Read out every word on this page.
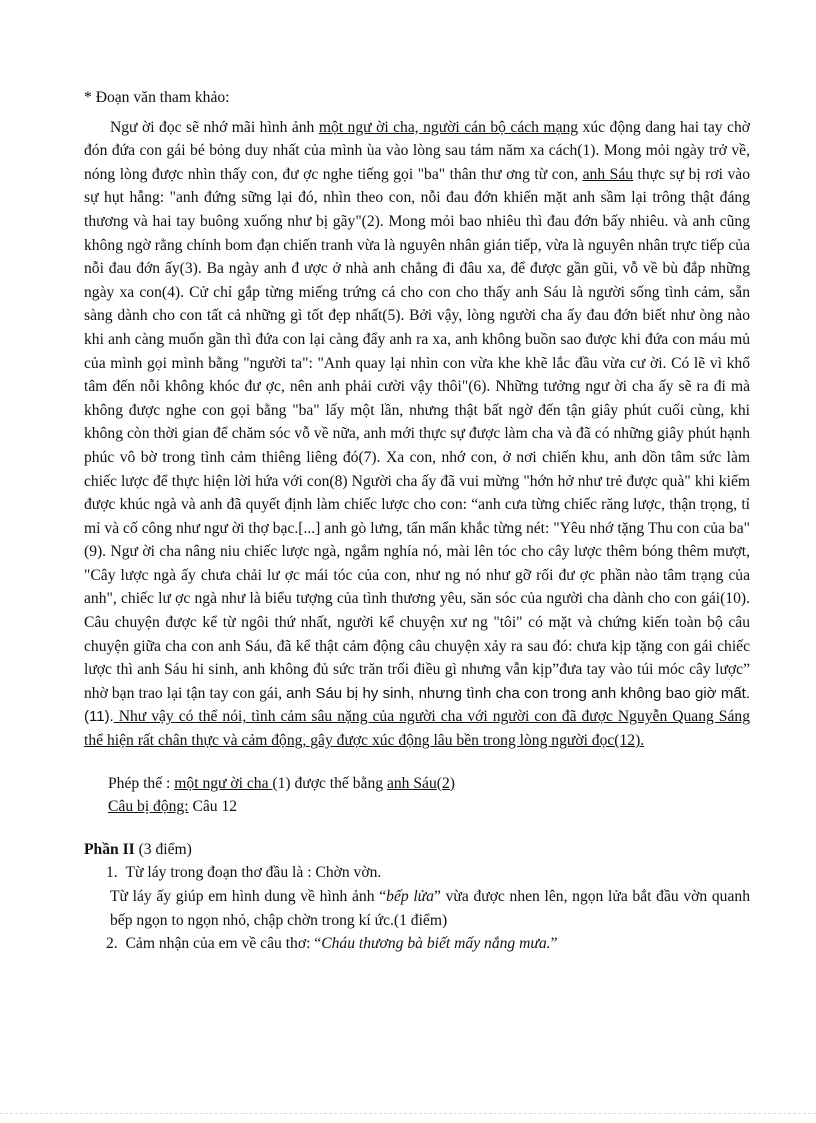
* Đoạn văn tham khảo:

Ngư ời đọc sẽ nhớ mãi hình ảnh một ngư ời cha, người cán bộ cách mạng xúc động dang hai tay chờ đón đứa con gái bé bỏng duy nhất của mình ùa vào lòng sau tám năm xa cách(1). Mong mỏi ngày trở về, nóng lòng được nhìn thấy con, đư ợc nghe tiếng gọi "ba" thân thư ơng từ con, anh Sáu thực sự bị rơi vào sự hụt hẫng: "anh đứng sững lại đó, nhìn theo con, nỗi đau đớn khiến mặt anh sầm lại trông thật đáng thương và hai tay buông xuống như bị gãy"(2). Mong mỏi bao nhiêu thì đau đớn bấy nhiêu. và anh cũng không ngờ rằng chính bom đạn chiến tranh vừa là nguyên nhân gián tiếp, vừa là nguyên nhân trực tiếp của nỗi đau đớn ấy(3). Ba ngày anh đ ược ở nhà anh chẳng đi đâu xa, để được gần gũi, vỗ về bù đắp những ngày xa con(4). Cử chỉ gắp từng miếng trứng cá cho con cho thấy anh Sáu là người sống tình cảm, sẵn sàng dành cho con tất cả những gì tốt đẹp nhất(5). Bởi vậy, lòng người cha ấy đau đớn biết như òng nào khi anh càng muốn gần thì đứa con lại càng đẩy anh ra xa, anh không buồn sao được khi đứa con máu mủ của mình gọi mình bằng "người ta": "Anh quay lại nhìn con vừa khe khẽ lắc đầu vừa cư ời. Có lẽ vì khổ tâm đến nỗi không khóc đư ợc, nên anh phải cười vậy thôi"(6). Những tưởng ngư ời cha ấy sẽ ra đi mà không được nghe con gọi bằng "ba" lấy một lần, nhưng thật bất ngờ đến tận giây phút cuối cùng, khi không còn thời gian để chăm sóc vỗ về nữa, anh mới thực sự được làm cha và đã có những giây phút hạnh phúc vô bờ trong tình cảm thiêng liêng đó(7). Xa con, nhớ con, ở nơi chiến khu, anh dồn tâm sức làm chiếc lược để thực hiện lời hứa với con(8) Người cha ấy đã vui mừng "hớn hở như trẻ được quà" khi kiếm được khúc ngà và anh đã quyết định làm chiếc lược cho con: “anh cưa từng chiếc răng lược, thận trọng, tỉ mỉ và cố công như ngư ời thợ bạc.[...] anh gò lưng, tẩn mẩn khắc từng nét: "Yêu nhớ tặng Thu con của ba"(9). Ngư ời cha nâng niu chiếc lược ngà, ngắm nghía nó, mài lên tóc cho cây lược thêm bóng thêm mượt, "Cây lược ngà ấy chưa chải lư ợc mái tóc của con, như ng nó như gỡ rối đư ợc phần nào tâm trạng của anh", chiếc lư ợc ngà như là biểu tượng của tình thương yêu, săn sóc của người cha dành cho con gái(10). Câu chuyện được kể từ ngôi thứ nhất, người kể chuyện xư ng "tôi" có mặt và chứng kiến toàn bộ câu chuyện giữa cha con anh Sáu, đã kể thật cảm động câu chuyện xảy ra sau đó: chưa kịp tặng con gái chiếc lược thì anh Sáu hi sinh, anh không đủ sức trăn trối điều gì nhưng vẫn kịp”đưa tay vào túi móc cây lược” nhờ bạn trao lại tận tay con gái, anh Sáu bị hy sinh, nhưng tình cha con trong anh không bao giờ mất.(11). Như vậy có thể nói, tình cảm sâu nặng của người cha với người con đã được Nguyễn Quang Sáng thể hiện rất chân thực và cảm động, gây được xúc động lâu bền trong lòng người đọc(12).

Phép thế : một ngư ời cha (1) được thế bằng anh Sáu(2)
Câu bị động: Câu 12
Phần II (3 điểm)
1. Từ láy trong đoạn thơ đầu là : Chờn vờn.
Từ láy ấy giúp em hình dung về hình ảnh “bếp lửa” vừa được nhen lên, ngọn lửa bắt đầu vờn quanh bếp ngọn to ngọn nhỏ, chập chờn trong kí ức.(1 điểm)
2. Cảm nhận của em về câu thơ: “Cháu thương bà biết mấy nắng mưa.”
